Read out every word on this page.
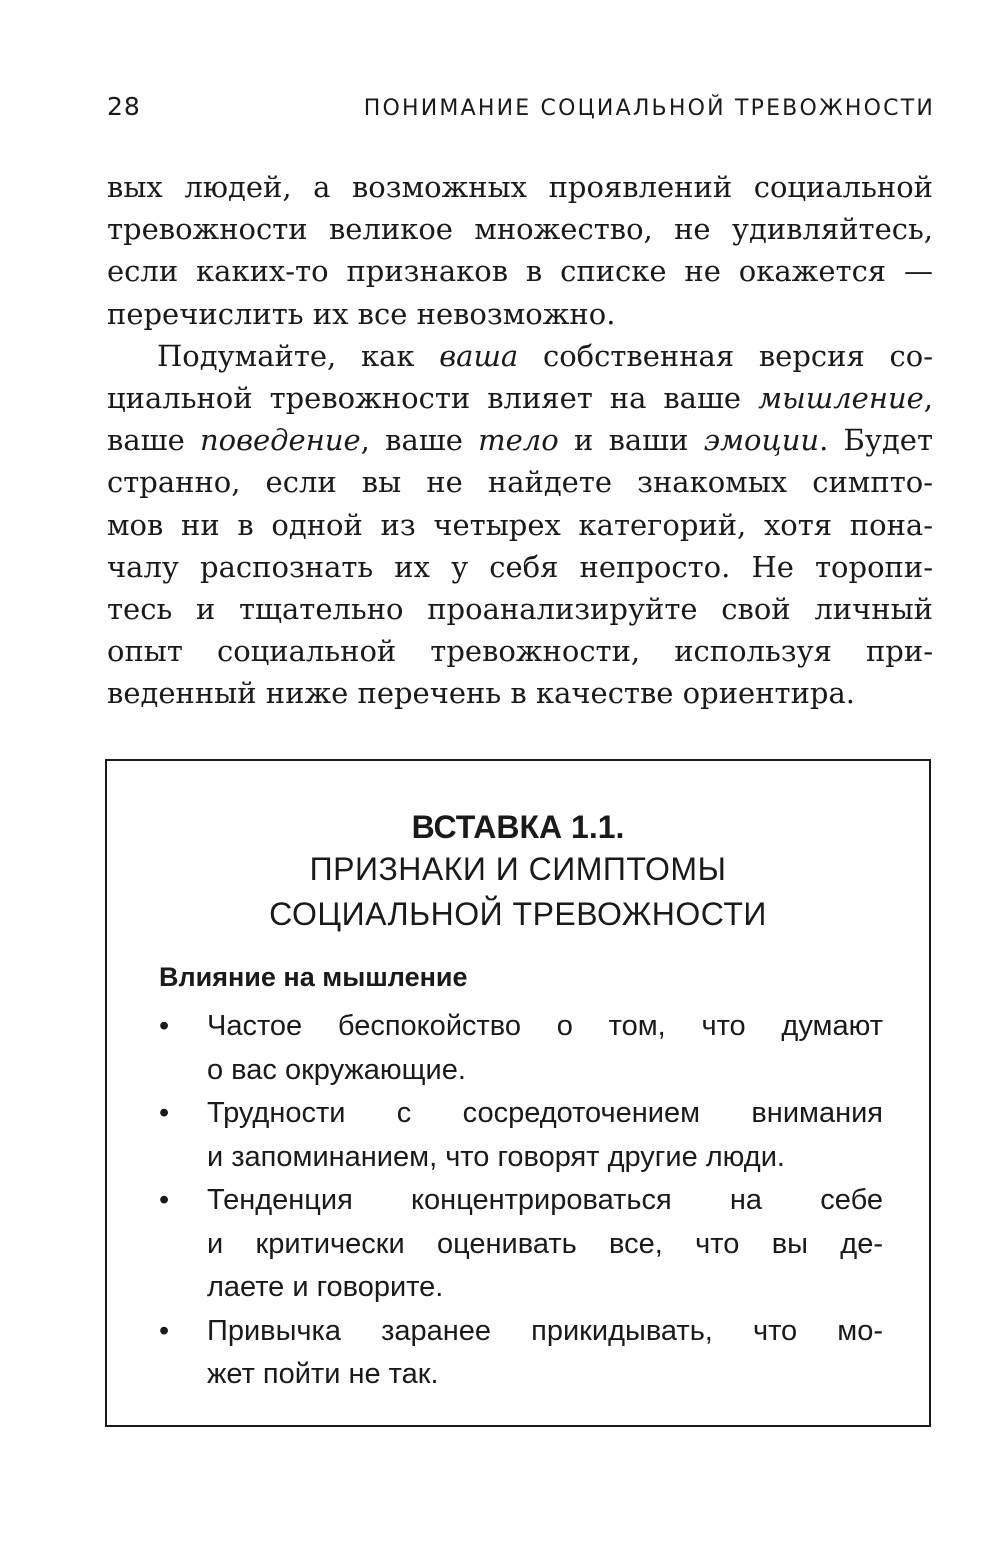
28	ПОНИМАНИЕ СОЦИАЛЬНОЙ ТРЕВОЖНОСТИ
вых людей, а возможных проявлений социальной
тревожности великое множество, не удивляйтесь,
если каких-то признаков в списке не окажется —
перечислить их все невозможно.
Подумайте, как ваша собственная версия со-
циальной тревожности влияет на ваше мышление,
ваше поведение, ваше тело и ваши эмоции. Будет
странно, если вы не найдете знакомых симпто-
мов ни в одной из четырех категорий, хотя пона-
чалу распознать их у себя непросто. Не торопи-
тесь и тщательно проанализируйте свой личный
опыт социальной тревожности, используя при-
веденный ниже перечень в качестве ориентира.
ВСТАВКА 1.1.
ПРИЗНАКИ И СИМПТОМЫ
СОЦИАЛЬНОЙ ТРЕВОЖНОСТИ
Влияние на мышление
• Частое беспокойство о том, что думают
о вас окружающие.
• Трудности с сосредоточением внимания
и запоминанием, что говорят другие люди.
• Тенденция концентрироваться на себе
и критически оценивать все, что вы де-
лаете и говорите.
• Привычка заранее прикидывать, что мо-
жет пойти не так.
